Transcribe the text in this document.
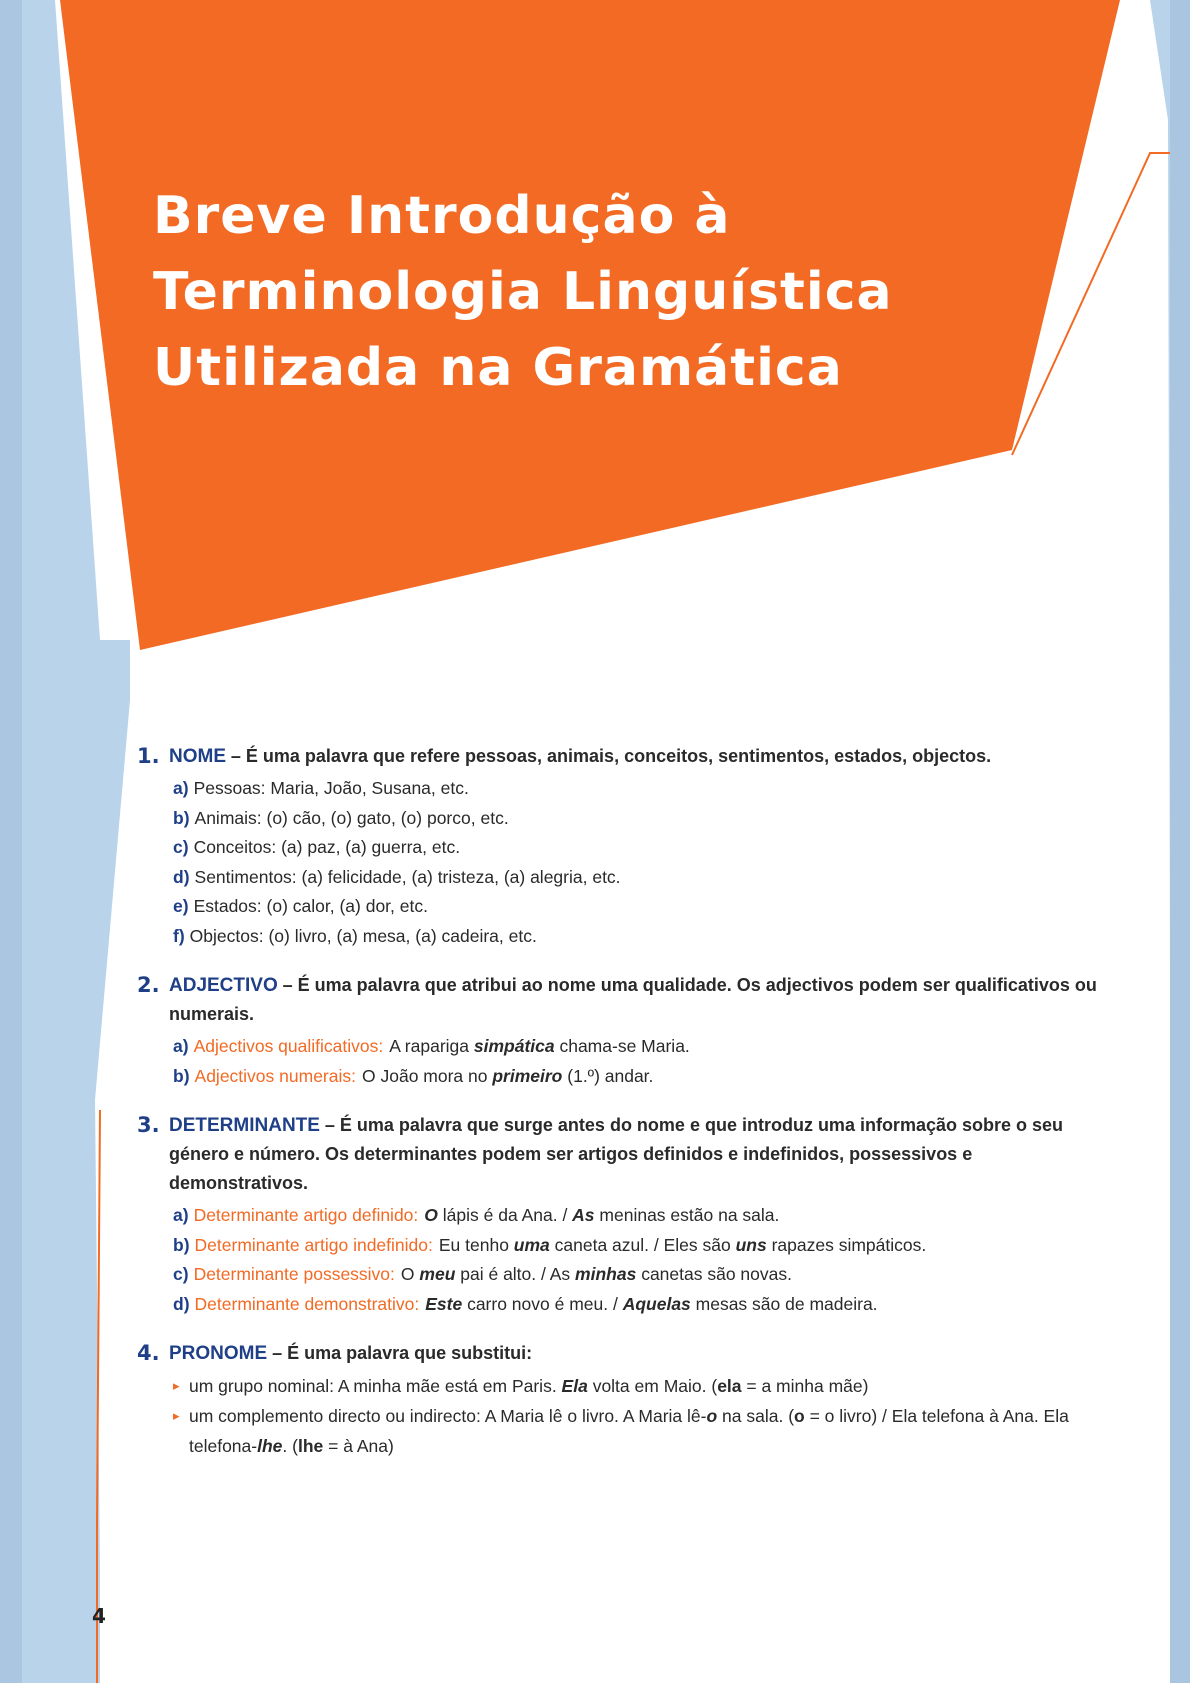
Breve Introdução à
Terminologia Linguística
Utilizada na Gramática
1. NOME – É uma palavra que refere pessoas, animais, conceitos, sentimentos, estados, objectos.
a) Pessoas: Maria, João, Susana, etc.
b) Animais: (o) cão, (o) gato, (o) porco, etc.
c) Conceitos: (a) paz, (a) guerra, etc.
d) Sentimentos: (a) felicidade, (a) tristeza, (a) alegria, etc.
e) Estados: (o) calor, (a) dor, etc.
f) Objectos: (o) livro, (a) mesa, (a) cadeira, etc.
2. ADJECTIVO – É uma palavra que atribui ao nome uma qualidade. Os adjectivos podem ser qualificativos ou numerais.
a) Adjectivos qualificativos: A rapariga simpática chama-se Maria.
b) Adjectivos numerais: O João mora no primeiro (1.º) andar.
3. DETERMINANTE – É uma palavra que surge antes do nome e que introduz uma informação sobre o seu género e número. Os determinantes podem ser artigos definidos e indefinidos, possessivos e demonstrativos.
a) Determinante artigo definido: O lápis é da Ana. / As meninas estão na sala.
b) Determinante artigo indefinido: Eu tenho uma caneta azul. / Eles são uns rapazes simpáticos.
c) Determinante possessivo: O meu pai é alto. / As minhas canetas são novas.
d) Determinante demonstrativo: Este carro novo é meu. / Aquelas mesas são de madeira.
4. PRONOME – É uma palavra que substitui:
▸ um grupo nominal: A minha mãe está em Paris. Ela volta em Maio. (ela = a minha mãe)
▸ um complemento directo ou indirecto: A Maria lê o livro. A Maria lê-o na sala. (o = o livro) / Ela telefona à Ana. Ela telefona-lhe. (lhe = à Ana)
4
